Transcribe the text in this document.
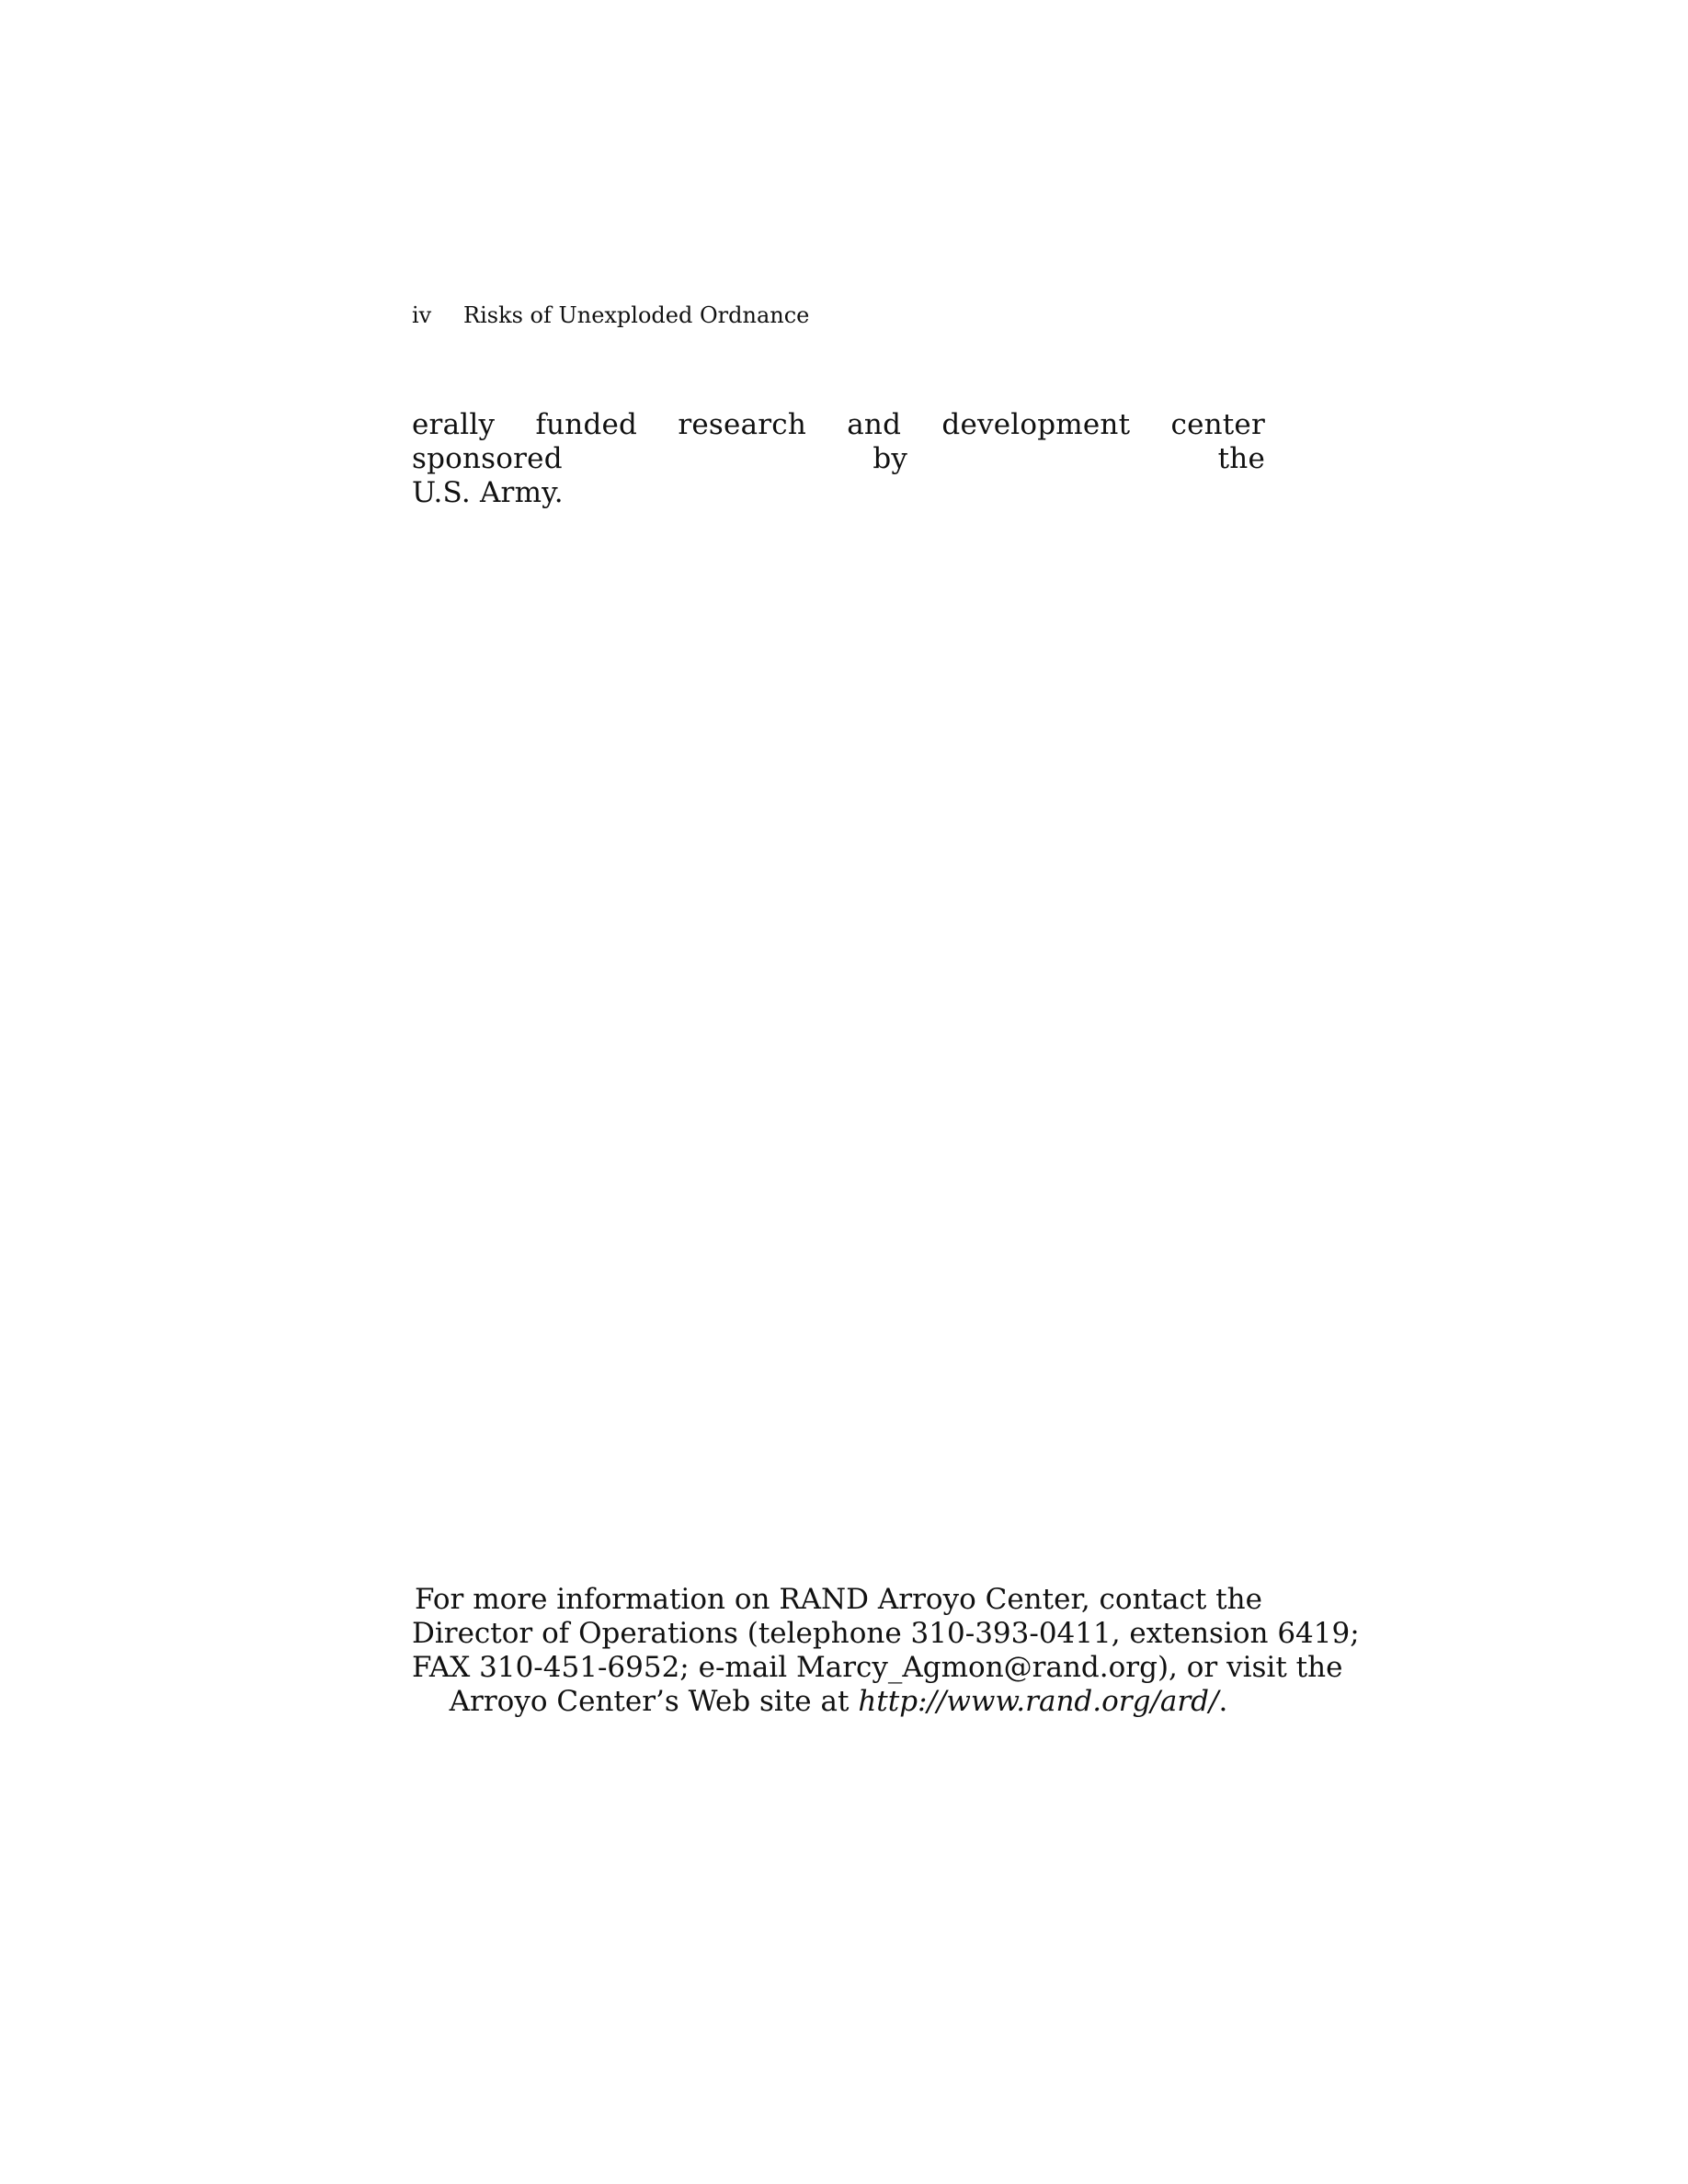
iv Risks of Unexploded Ordnance
erally funded research and development center sponsored by the
U.S. Army.
For more information on RAND Arroyo Center, contact the
Director of Operations (telephone 310-393-0411, extension 6419;
FAX 310-451-6952; e-mail Marcy_Agmon@rand.org), or visit the
Arroyo Center’s Web site at http://www.rand.org/ard/.
